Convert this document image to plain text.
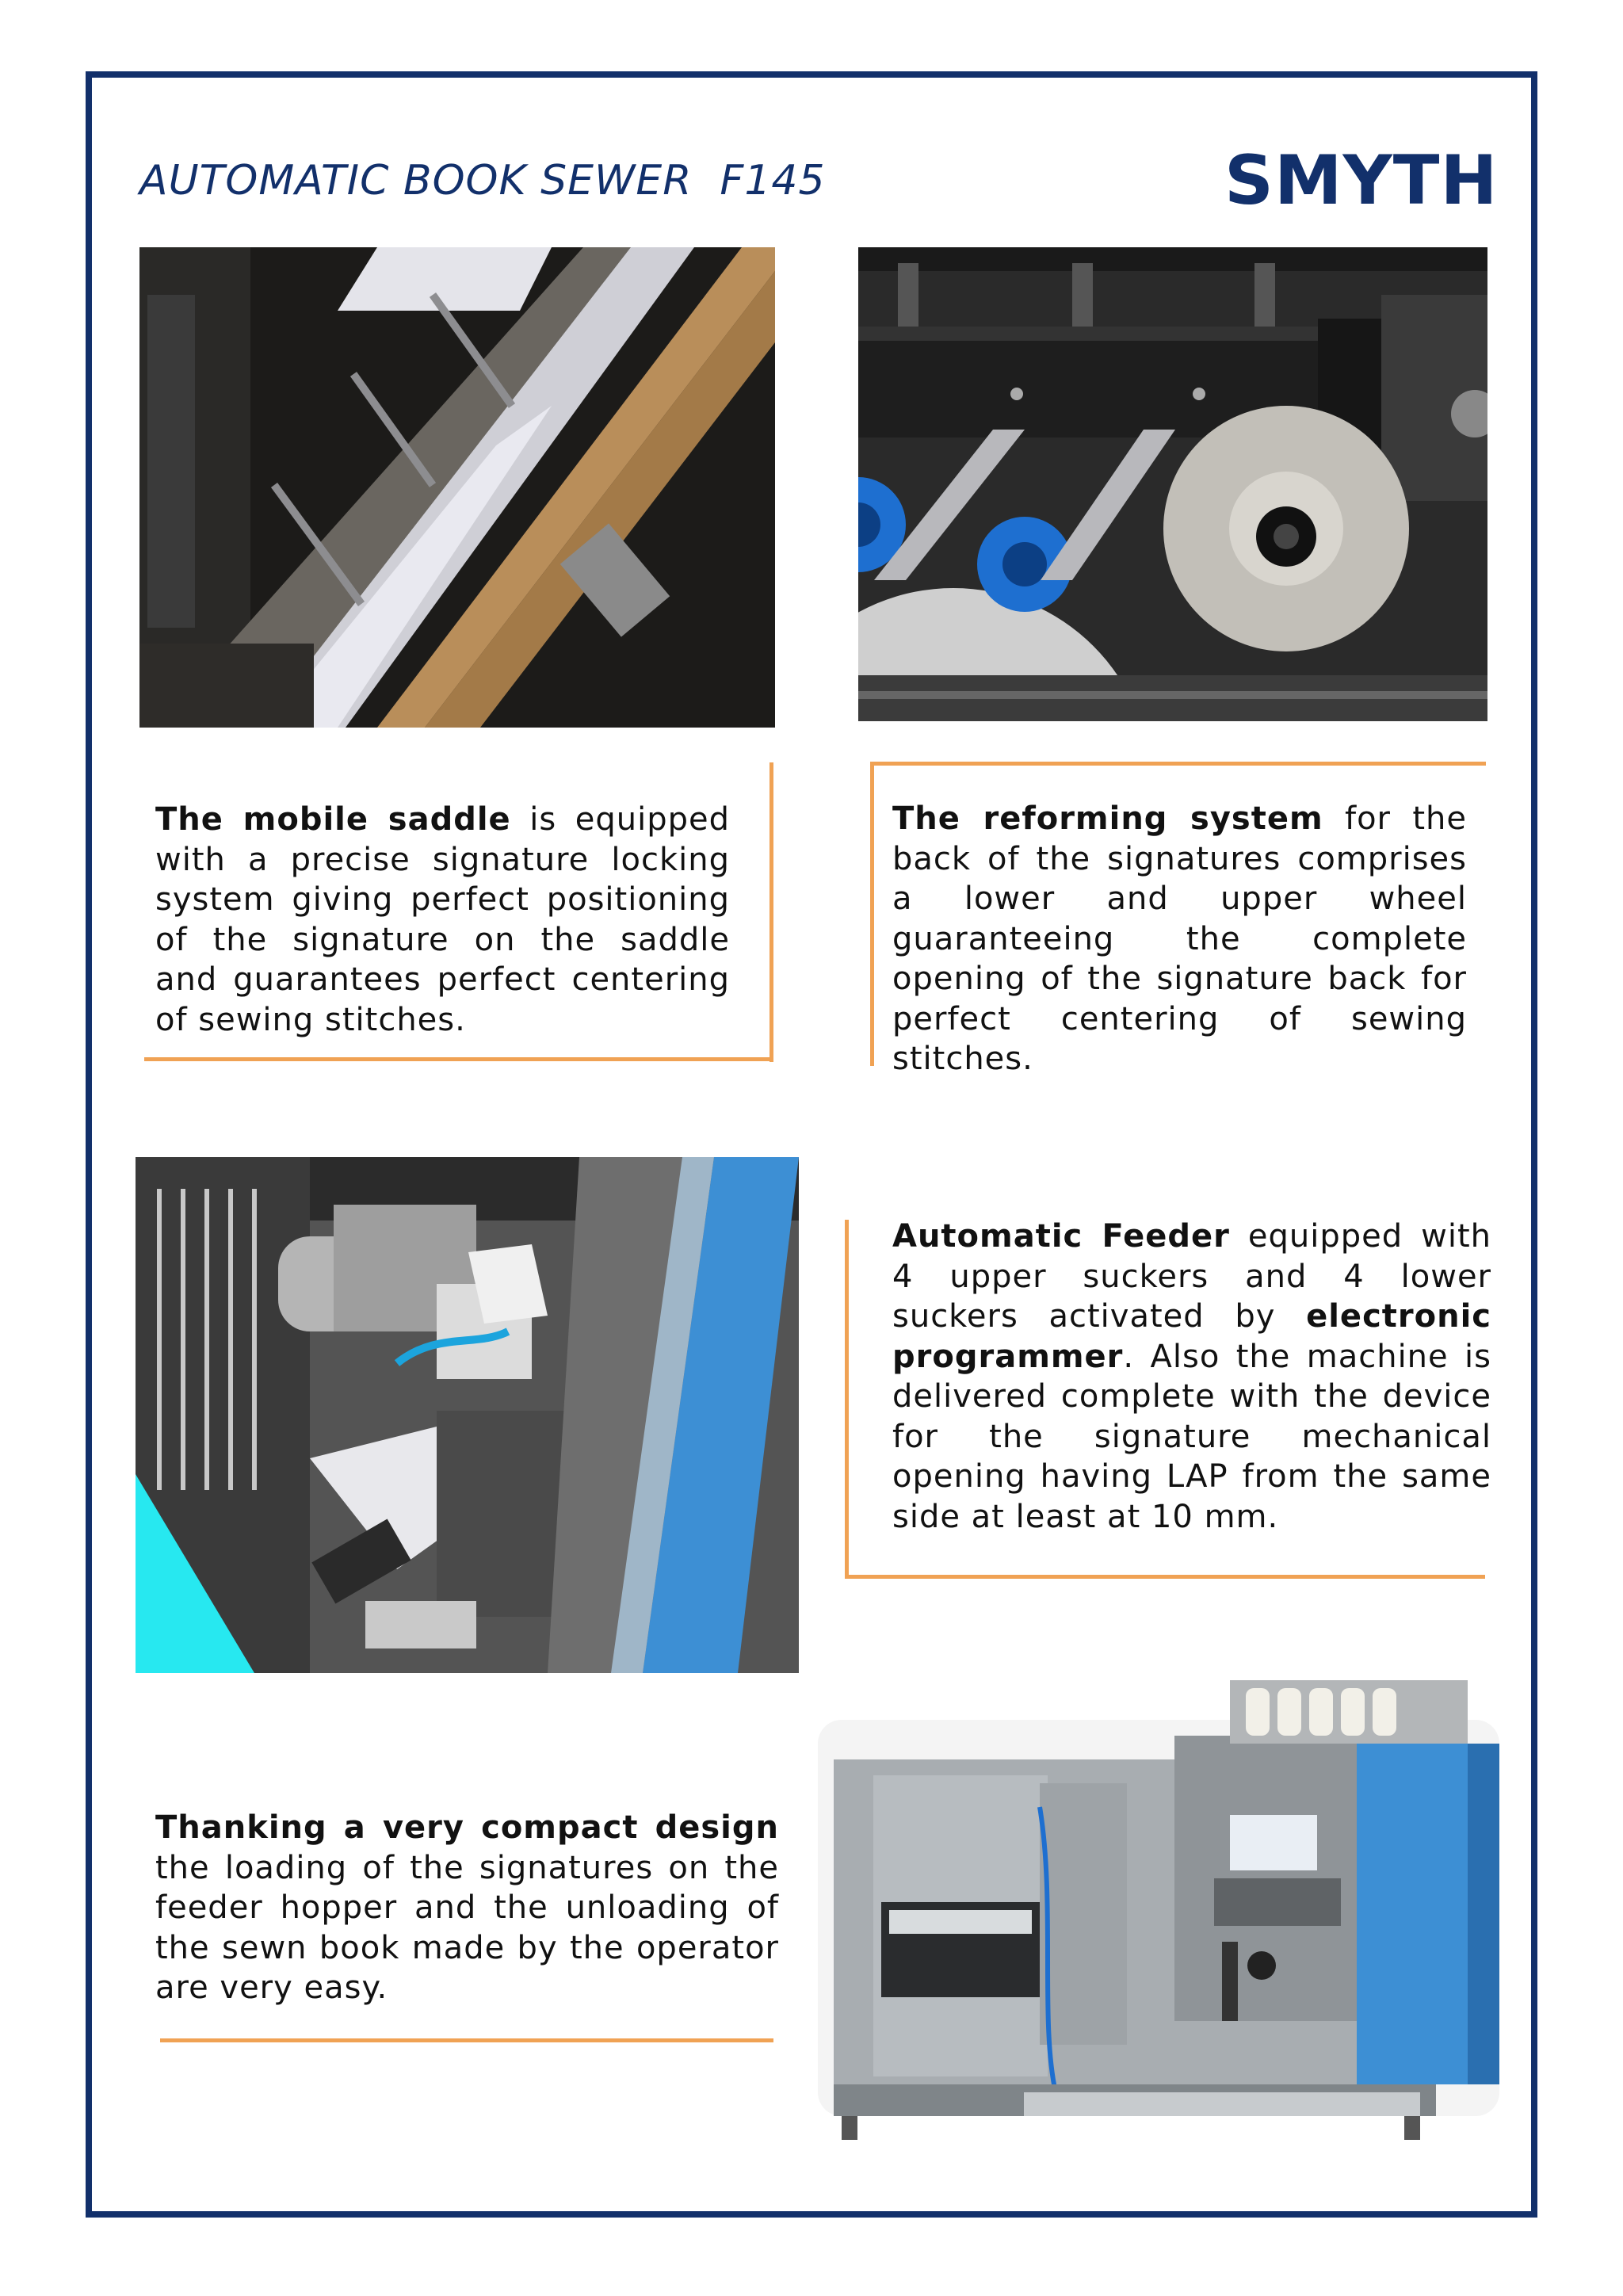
AUTOMATIC BOOK SEWER  F145	SMYTH
The mobile saddle is equipped with a precise signature locking system giving perfect positioning of the signature on the saddle and guarantees perfect centering of sewing stitches.
The reforming system for the back of the signatures comprises a lower and upper wheel guaranteeing the complete opening of the signature back for perfect centering of sewing stitches.
Automatic Feeder equipped with 4 upper suckers and 4 lower suckers activated by electronic programmer. Also the machine is delivered complete with the device for the signature mechanical opening having LAP from the same side at least at 10 mm.
Thanking a very compact design the loading of the signatures on the feeder hopper and the unloading of the sewn book made by the operator are very easy.
